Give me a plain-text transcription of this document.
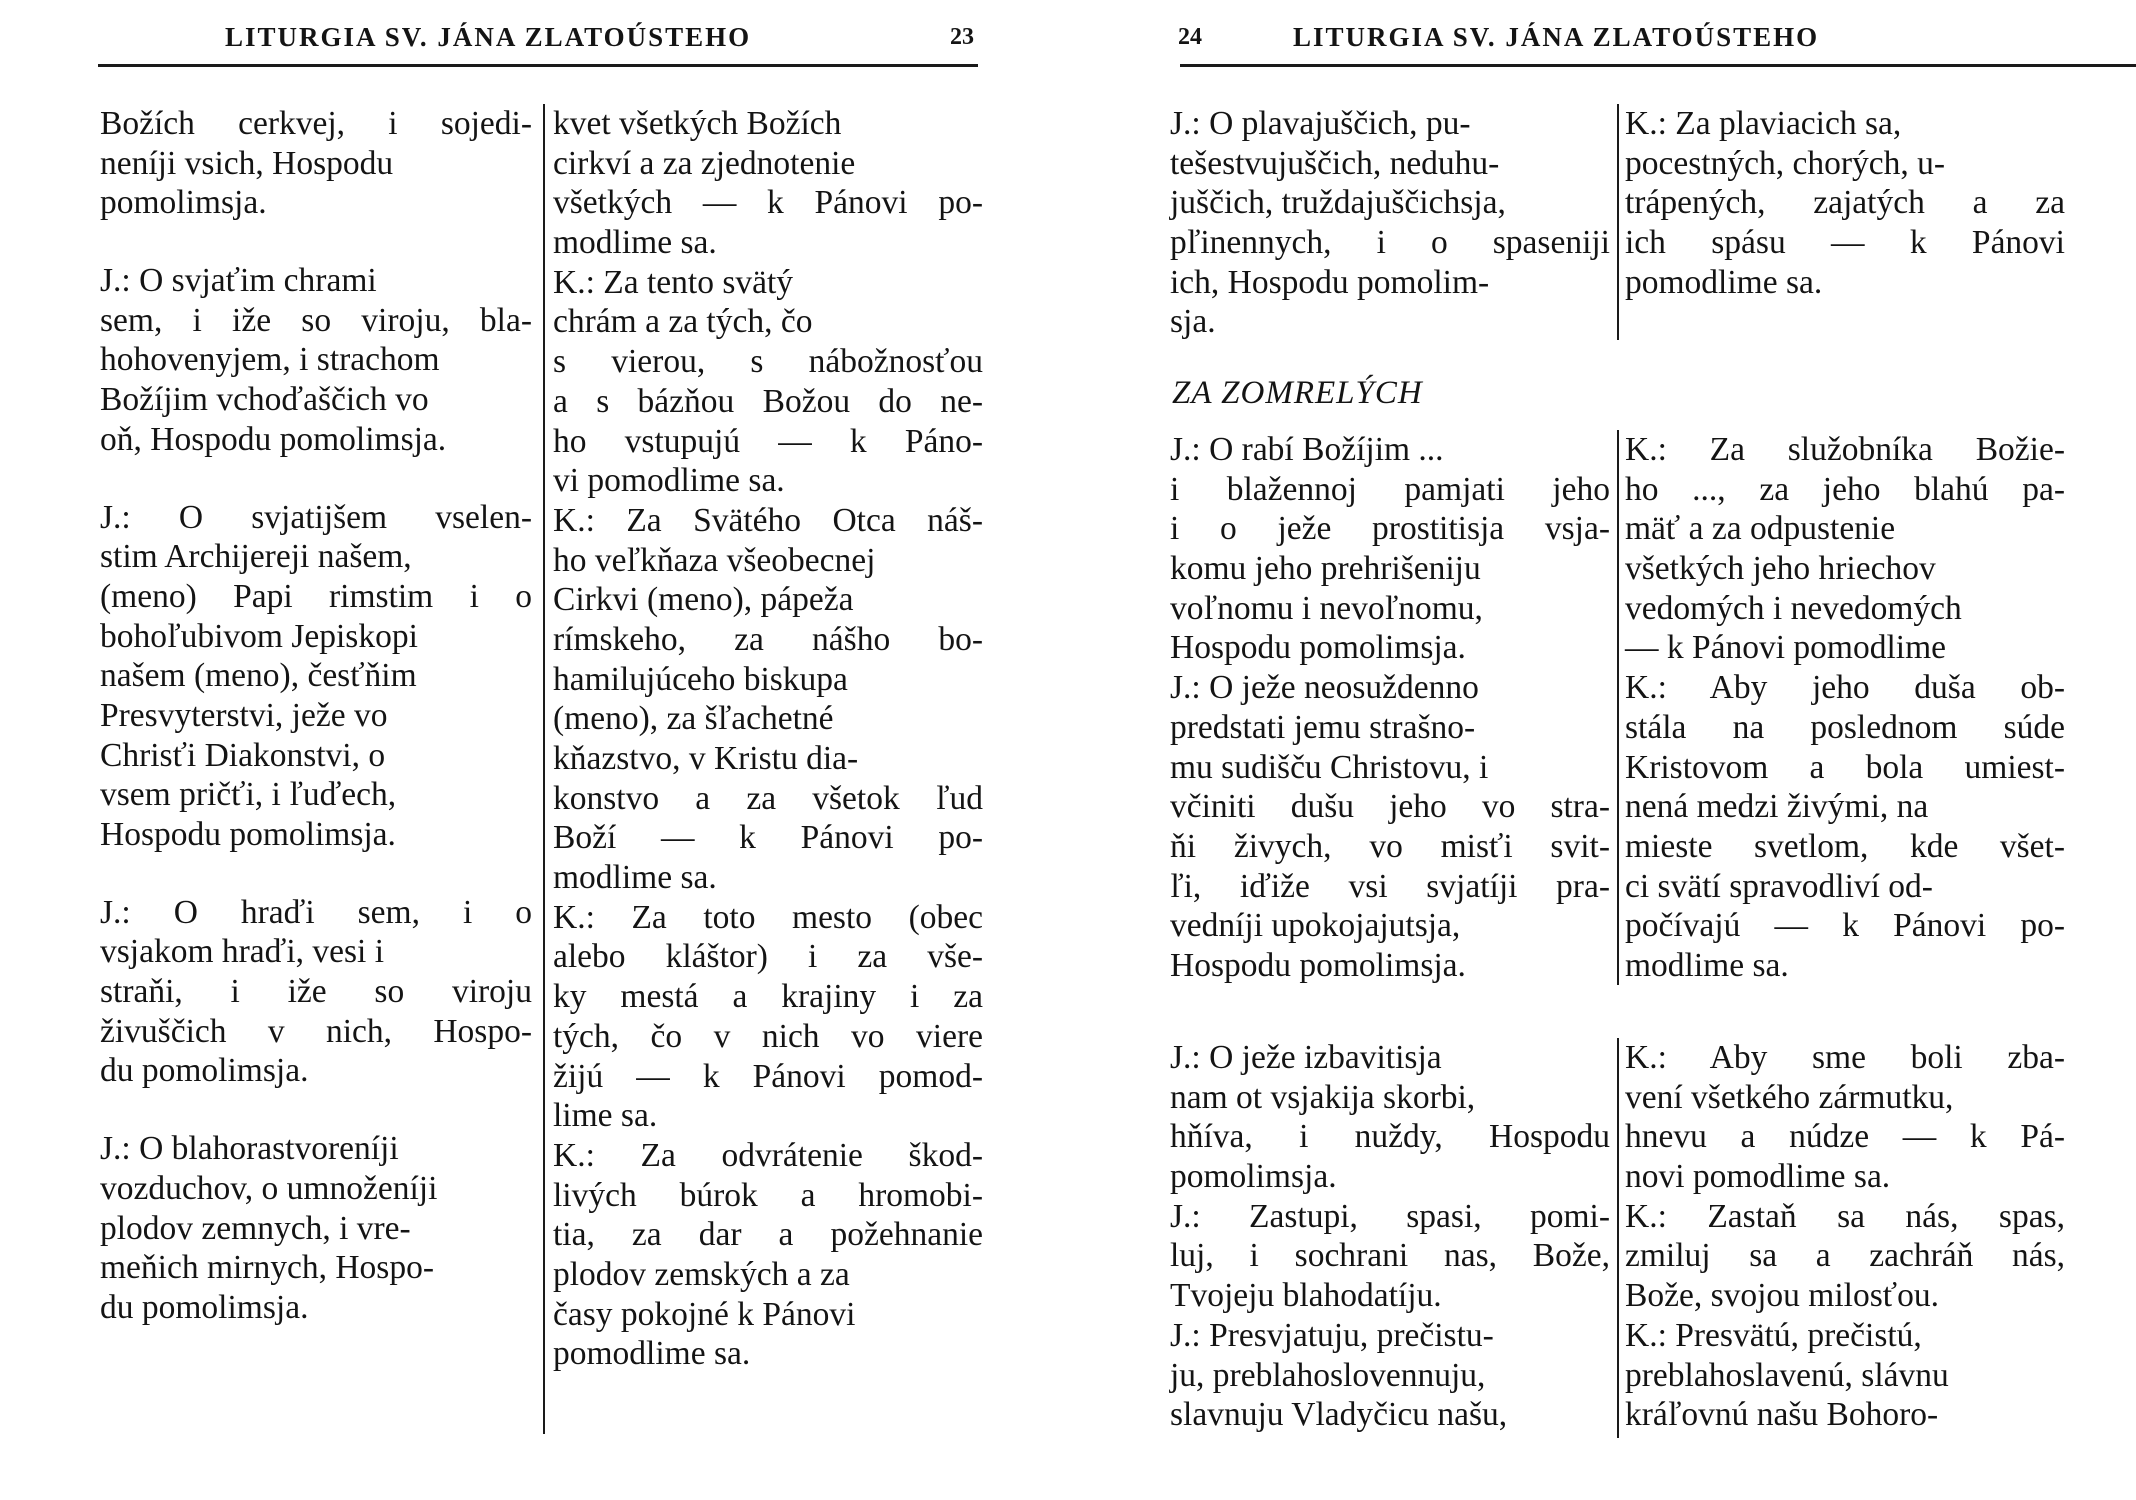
LITURGIA SV. JÁNA ZLATOÚSTEHO	23
Božích cerkvej, i sojedi-
neníji vsich, Hospodu
pomolimsja.
J.: O svjaťim chrami
sem, i iže so viroju, bla-
hohovenyjem, i strachom
Božíjim vchoďaščich vo
oň, Hospodu pomolimsja.
J.: O svjatijšem vselen-
stim Archijereji našem,
(meno) Papi rimstim i o
bohoľubivom Jepiskopi
našem (meno), česťňim
Presvyterstvi, ježe vo
Chrisťi Diakonstvi, o
vsem pričťi, i ľuďech,
Hospodu pomolimsja.
J.: O hraďi sem, i o
vsjakom hraďi, vesi i
straňi, i iže so viroju
živuščich v nich, Hospo-
du pomolimsja.
J.: O blahorastvoreníji
vozduchov, o umnoženíji
plodov zemnych, i vre-
meňich mirnych, Hospo-
du pomolimsja.
kvet všetkých Božích
cirkví a za zjednotenie
všetkých — k Pánovi po-
modlime sa.
K.: Za tento svätý
chrám a za tých, čo
s vierou, s nábožnosťou
a s bázňou Božou do ne-
ho vstupujú — k Páno-
vi pomodlime sa.
K.: Za Svätého Otca náš-
ho veľkňaza všeobecnej
Cirkvi (meno), pápeža
rímskeho, za nášho bo-
hamilujúceho biskupa
(meno), za šľachetné
kňazstvo, v Kristu dia-
konstvo a za všetok ľud
Boží — k Pánovi po-
modlime sa.
K.: Za toto mesto (obec
alebo kláštor) i za vše-
ky mestá a krajiny i za
tých, čo v nich vo viere
žijú — k Pánovi pomod-
lime sa.
K.: Za odvrátenie škod-
livých búrok a hromobi-
tia, za dar a požehnanie
plodov zemských a za
časy pokojné k Pánovi
pomodlime sa.
24	LITURGIA SV. JÁNA ZLATOÚSTEHO
J.: O plavajuščich, pu-
tešestvujuščich, neduhu-
juščich, truždajuščichsja,
pľinennych, i o spaseniji
ich, Hospodu pomolim-
sja.
K.: Za plaviacich sa,
pocestných, chorých, u-
trápených, zajatých a za
ich spásu — k Pánovi
pomodlime sa.
ZA ZOMRELÝCH
J.: O rabí Božíjim ...
i blažennoj pamjati jeho
i o ježe prostitisja vsja-
komu jeho prehrišeniju
voľnomu i nevoľnomu,
Hospodu pomolimsja.
J.: O ježe neosuždenno
predstati jemu strašno-
mu sudišču Christovu, i
včiniti dušu jeho vo stra-
ňi živych, vo misťi svit-
ľi, iďiže vsi svjatíji pra-
vedníji upokojajutsja,
Hospodu pomolimsja.
K.: Za služobníka Božie-
ho ..., za jeho blahú pa-
mäť a za odpustenie
všetkých jeho hriechov
vedomých i nevedomých
— k Pánovi pomodlime
K.: Aby jeho duša ob-
stála na poslednom súde
Kristovom a bola umiest-
nená medzi živými, na
mieste svetlom, kde všet-
ci svätí spravodliví od-
počívajú — k Pánovi po-
modlime sa.
J.: O ježe izbavitisja
nam ot vsjakija skorbi,
hňíva, i nuždy, Hospodu
pomolimsja.
J.: Zastupi, spasi, pomi-
luj, i sochrani nas, Bože,
Tvojeju blahodatíju.
J.: Presvjatuju, prečistu-
ju, preblahoslovennuju,
slavnuju Vladyčicu našu,
K.: Aby sme boli zba-
vení všetkého zármutku,
hnevu a núdze — k Pá-
novi pomodlime sa.
K.: Zastaň sa nás, spas,
zmiluj sa a zachráň nás,
Bože, svojou milosťou.
K.: Presvätú, prečistú,
preblahoslavenú, slávnu
kráľovnú našu Bohoro-
